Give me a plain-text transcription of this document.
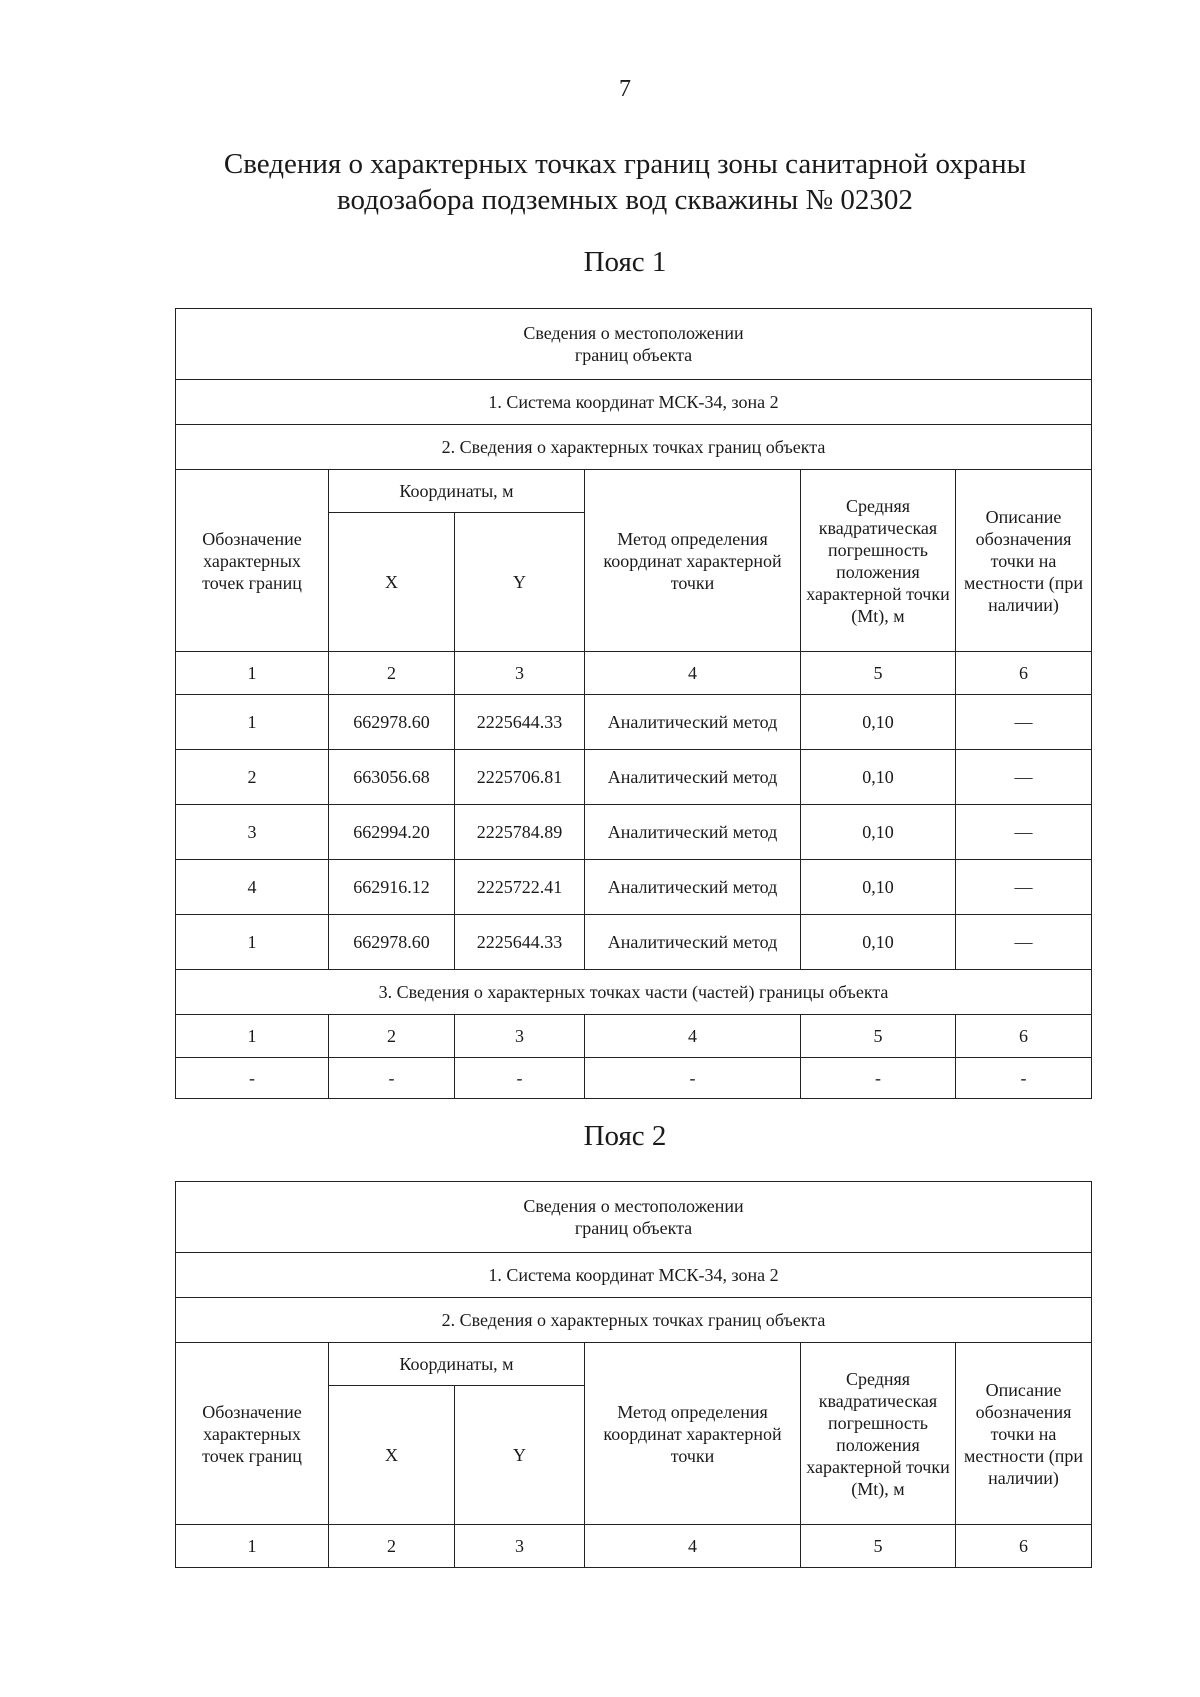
7
Сведения о характерных точках границ зоны санитарной охраны
водозабора подземных вод скважины № 02302
Пояс 1
Сведения о местоположении
границ объекта					

1. Система координат МСК-34, зона 2					
2. Сведения о характерных точках границ объекта					
Обозначение характерных точек границ	Координаты, м		Метод определения координат характерной точки	Средняя квадратическая погрешность положения характерной точки (Mt), м	Описание обозначения точки на местности (при наличии)
	X	Y			
1	2	3	4	5	6
1	662978.60	2225644.33	Аналитический метод	0,10	—
2	663056.68	2225706.81	Аналитический метод	0,10	—
3	662994.20	2225784.89	Аналитический метод	0,10	—
4	662916.12	2225722.41	Аналитический метод	0,10	—
1	662978.60	2225644.33	Аналитический метод	0,10	—
3. Сведения о характерных точках части (частей) границы объекта					
1	2	3	4	5	6
-	-	-	-	-	-
Пояс 2
Сведения о местоположении
границ объекта					

1. Система координат МСК-34, зона 2					
2. Сведения о характерных точках границ объекта					
Обозначение характерных точек границ	Координаты, м		Метод определения координат характерной точки	Средняя квадратическая погрешность положения характерной точки (Mt), м	Описание обозначения точки на местности (при наличии)
	X	Y			
1	2	3	4	5	6
